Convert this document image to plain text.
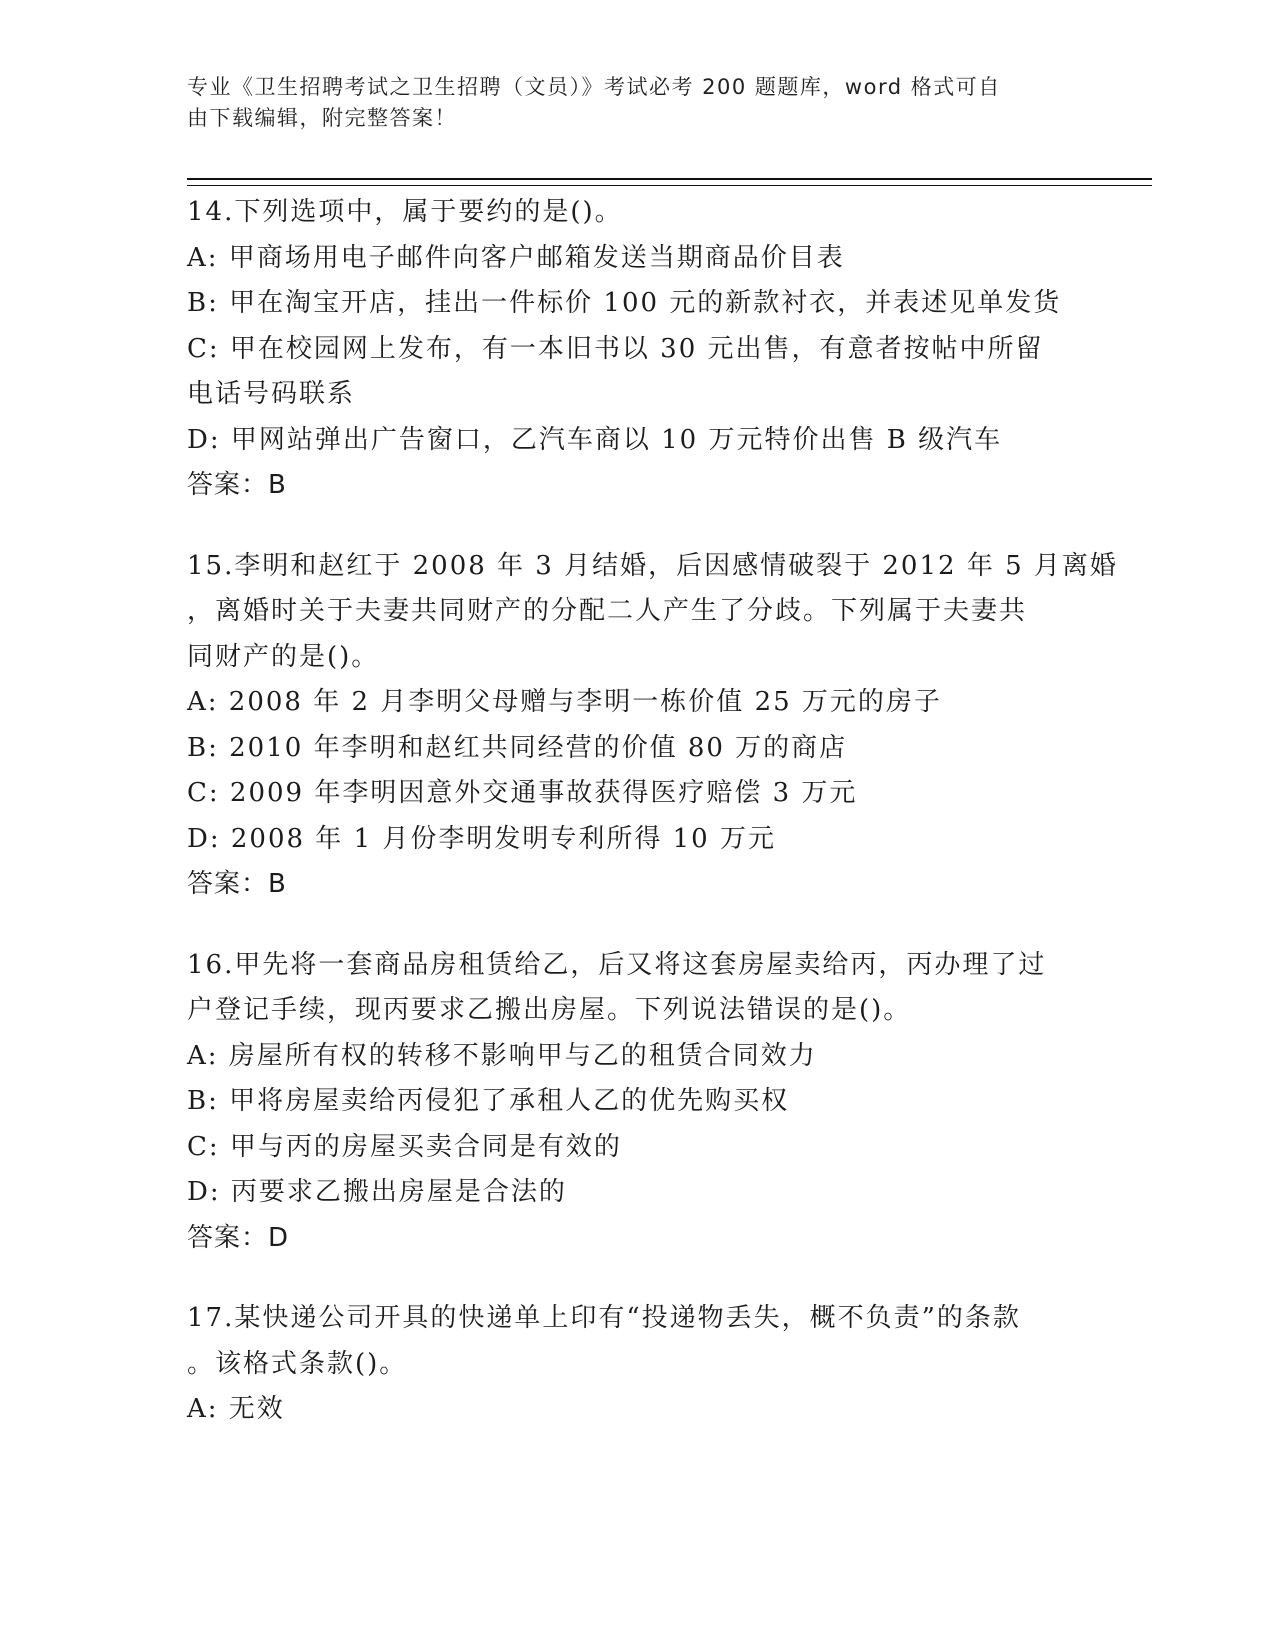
专业《卫生招聘考试之卫生招聘（文员）》考试必考 200 题题库，word 格式可自
由下载编辑，附完整答案！
14.下列选项中，属于要约的是()。
A: 甲商场用电子邮件向客户邮箱发送当期商品价目表
B: 甲在淘宝开店，挂出一件标价 100 元的新款衬衣，并表述见单发货
C: 甲在校园网上发布，有一本旧书以 30 元出售，有意者按帖中所留
电话号码联系
D: 甲网站弹出广告窗口，乙汽车商以 10 万元特价出售 B 级汽车
答案：B
15.李明和赵红于 2008 年 3 月结婚，后因感情破裂于 2012 年 5 月离婚
，离婚时关于夫妻共同财产的分配二人产生了分歧。下列属于夫妻共
同财产的是()。
A: 2008 年 2 月李明父母赠与李明一栋价值 25 万元的房子
B: 2010 年李明和赵红共同经营的价值 80 万的商店
C: 2009 年李明因意外交通事故获得医疗赔偿 3 万元
D: 2008 年 1 月份李明发明专利所得 10 万元
答案：B
16.甲先将一套商品房租赁给乙，后又将这套房屋卖给丙，丙办理了过
户登记手续，现丙要求乙搬出房屋。下列说法错误的是()。
A: 房屋所有权的转移不影响甲与乙的租赁合同效力
B: 甲将房屋卖给丙侵犯了承租人乙的优先购买权
C: 甲与丙的房屋买卖合同是有效的
D: 丙要求乙搬出房屋是合法的
答案：D
17.某快递公司开具的快递单上印有“投递物丢失，概不负责”的条款
。该格式条款()。
A: 无效
